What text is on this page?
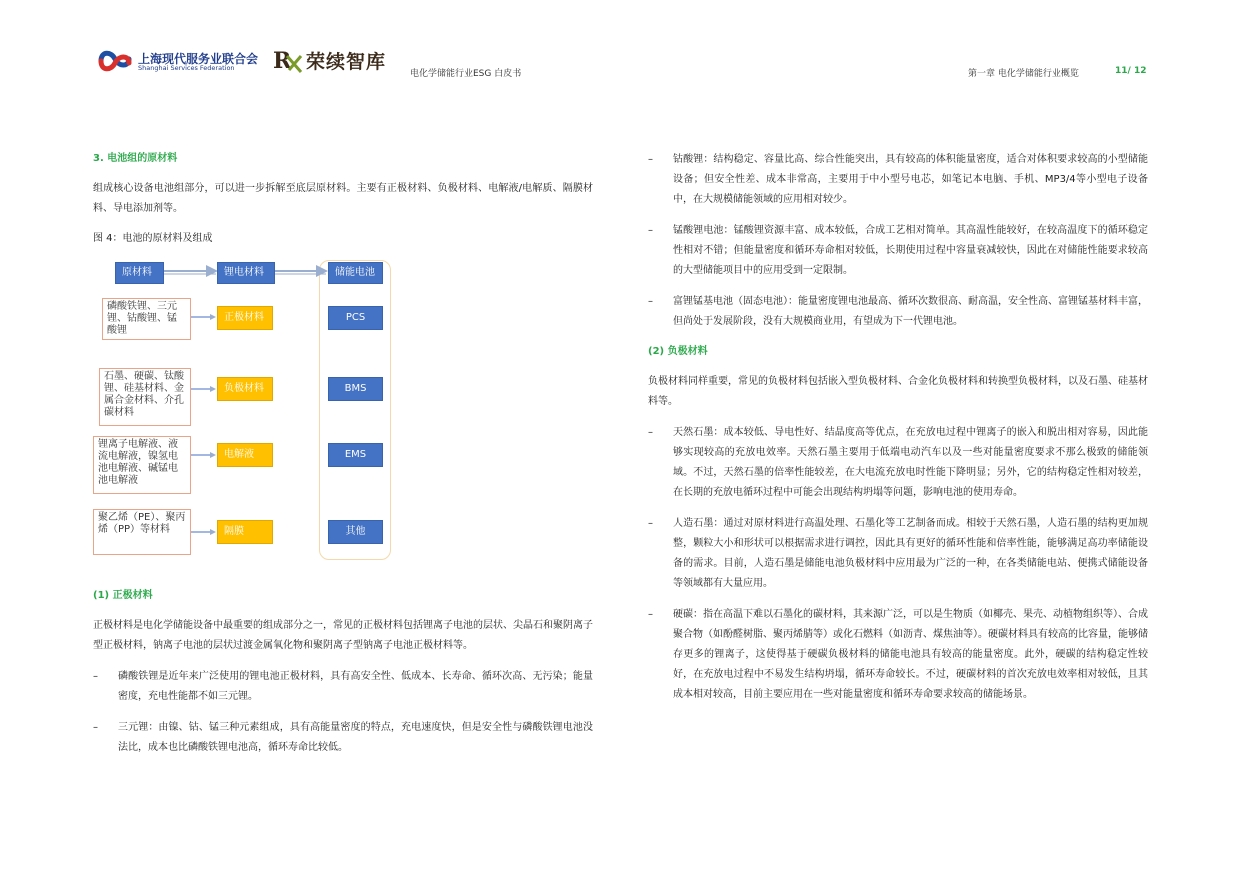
上海现代服务业联合会
Shanghai Services Federation R 荣续智库
电化学储能行业ESG 白皮书	第一章 电化学储能行业概览	11/ 12
3. 电池组的原材料
组成核心设备电池组部分，可以进一步拆解至底层原材料。主要有正极材料、负极材料、电解液/电解质、隔膜材料、导电添加剂等。
图 4：电池的原材料及组成
原材料	锂电材料	储能电池
磷酸铁锂、三元锂、钴酸锂、锰酸锂
石墨、硬碳、钛酸锂、硅基材料、金属合金材料、介孔碳材料
锂离子电解液、液流电解液，镍氢电池电解液、碱锰电池电解液
聚乙烯（PE）、聚丙烯（PP）等材料
正极材料
负极材料
电解液
隔膜
PCS
BMS
EMS
其他
(1) 正极材料
正极材料是电化学储能设备中最重要的组成部分之一，常见的正极材料包括锂离子电池的层状、尖晶石和聚阴离子型正极材料，钠离子电池的层状过渡金属氧化物和聚阴离子型钠离子电池正极材料等。
– 磷酸铁锂是近年来广泛使用的锂电池正极材料，具有高安全性、低成本、长寿命、循环次高、无污染；能量密度，充电性能都不如三元锂。
– 三元锂：由镍、钴、锰三种元素组成，具有高能量密度的特点，充电速度快，但是安全性与磷酸铁锂电池没法比，成本也比磷酸铁锂电池高，循环寿命比较低。
– 钴酸锂：结构稳定、容量比高、综合性能突出，具有较高的体积能量密度，适合对体积要求较高的小型储能设备；但安全性差、成本非常高，主要用于中小型号电芯，如笔记本电脑、手机、MP3/4等小型电子设备中，在大规模储能领域的应用相对较少。
– 锰酸锂电池：锰酸锂资源丰富、成本较低，合成工艺相对简单。其高温性能较好，在较高温度下的循环稳定性相对不错；但能量密度和循环寿命相对较低，长期使用过程中容量衰减较快，因此在对储能性能要求较高的大型储能项目中的应用受到一定限制。
– 富锂锰基电池（固态电池）：能量密度锂电池最高、循环次数很高、耐高温，安全性高、富锂锰基材料丰富，但尚处于发展阶段，没有大规模商业用，有望成为下一代锂电池。
(2) 负极材料
负极材料同样重要，常见的负极材料包括嵌入型负极材料、合金化负极材料和转换型负极材料，以及石墨、硅基材料等。
– 天然石墨：成本较低、导电性好、结晶度高等优点，在充放电过程中锂离子的嵌入和脱出相对容易，因此能够实现较高的充放电效率。天然石墨主要用于低端电动汽车以及一些对能量密度要求不那么极致的储能领域。不过，天然石墨的倍率性能较差，在大电流充放电时性能下降明显；另外，它的结构稳定性相对较差，在长期的充放电循环过程中可能会出现结构坍塌等问题，影响电池的使用寿命。
– 人造石墨：通过对原材料进行高温处理、石墨化等工艺制备而成。相较于天然石墨，人造石墨的结构更加规整，颗粒大小和形状可以根据需求进行调控，因此具有更好的循环性能和倍率性能，能够满足高功率储能设备的需求。目前，人造石墨是储能电池负极材料中应用最为广泛的一种，在各类储能电站、便携式储能设备等领域都有大量应用。
– 硬碳：指在高温下难以石墨化的碳材料，其来源广泛，可以是生物质（如椰壳、果壳、动植物组织等）、合成聚合物（如酚醛树脂、聚丙烯腈等）或化石燃料（如沥青、煤焦油等）。硬碳材料具有较高的比容量，能够储存更多的锂离子，这使得基于硬碳负极材料的储能电池具有较高的能量密度。此外，硬碳的结构稳定性较好，在充放电过程中不易发生结构坍塌，循环寿命较长。不过，硬碳材料的首次充放电效率相对较低，且其成本相对较高，目前主要应用在一些对能量密度和循环寿命要求较高的储能场景。
